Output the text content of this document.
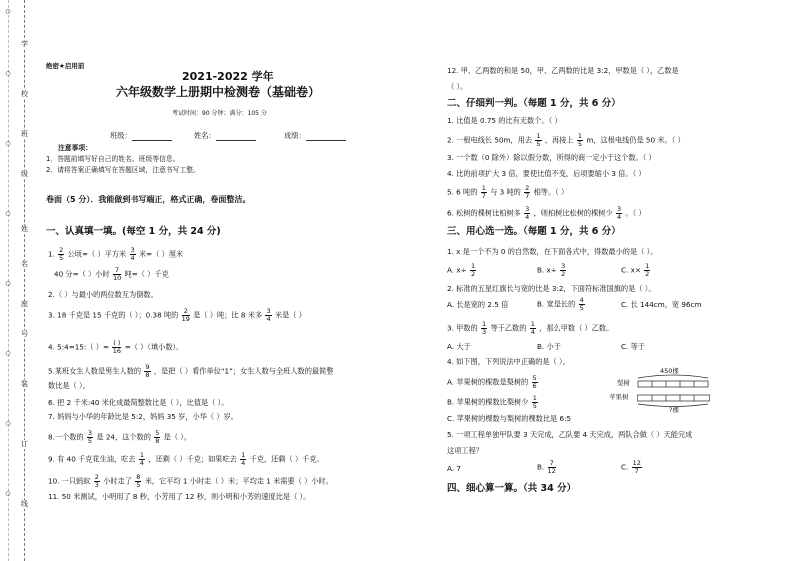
○
○
○
○
○
○
○
○
学
校
班
级
姓
名
座
号
装
订
线
绝密★启用前
2021-2022 学年
六年级数学上册期中检测卷（基础卷）
考试时间：90 分钟；满分：105 分
班级：	姓名：	成绩：
注意事项：
1．答题前填写好自己的姓名、班级等信息。
2．请将答案正确填写在答题区域，注意书写工整。
卷面（5 分）．我能做到书写端正，格式正确，卷面整洁。
一、认真填一填。(每空 1 分，共 24 分)
1. $\frac{2}{5}$ 公顷=（ ）平方米 $\frac{3}{4}$ 米=（ ）厘米
40 分=（ ）小时 $\frac{7}{10}$ 吨=（ ）千克
2.（ ）与最小的两位数互为倒数。
3. 18 千克是 15 千克的（ ）；0.38 吨的 $\frac{2}{19}$ 是（ ）吨；比 8 米多 $\frac{3}{4}$ 米是（ ）
4. 5:4=15:（ ）= $\frac{( )}{16}$ =（ ）（填小数）。
5.某班女生人数是男生人数的 $\frac{9}{8}$ ，是把（ ）看作单位“1”；女生人数与全班人数的最简整
数比是（ ）。
6. 把 2 千米:40 米化成最简整数比是（ ），比值是（ ）。
7. 妈妈与小华的年龄比是 5:2，妈妈 35 岁，小华（ ）岁。
8.一个数的 $\frac{3}{5}$ 是 24，这个数的 $\frac{5}{8}$ 是（ ）。
9. 有 40 千克花生油，吃去 $\frac{1}{4}$ ，还剩（ ）千克；如果吃去 $\frac{1}{4}$ 千克，还剩（ ）千克。
10. 一只蚂蚁 $\frac{2}{3}$ 小时走了 $\frac{8}{5}$ 米，它平均 1 小时走（ ）米；平均走 1 米需要（ ）小时。
11. 50 米测试，小明用了 8 秒，小芳用了 12 秒，则小明和小芳的速度比是（ ）。
12. 甲、乙两数的和是 50，甲、乙两数的比是 3:2，甲数是（ ），乙数是
（ ）。
二、仔细判一判。（每题 1 分，共 6 分）
1. 比值是 0.75 的比有无数个。（ ）
2. 一根电线长 50m，用去 $\frac{1}{5}$ ，再接上 $\frac{1}{5}$ m，这根电线仍是 50 米。（ ）
3. 一个数（0 除外）除以假分数，所得的商一定小于这个数。（ ）
4. 比的前项扩大 3 倍，要使比值不变，后项要缩小 3 倍。（ ）
5. 6 吨的 $\frac{1}{7}$ 与 3 吨的 $\frac{2}{7}$ 相等。（ ）
6. 松树的棵树比柏树多 $\frac{3}{4}$ ，则柏树比松树的棵树少 $\frac{3}{4}$ 。（ ）
三、用心选一选。（每题 1 分，共 6 分）
1. x 是一个不为 0 的自然数，在下面各式中，得数最小的是（ ）。
A. $x\div \frac{1}{2}$	B. $x\div \frac{3}{2}$	C. $x\times \frac{1}{2}$
2. 标准的五星红旗长与宽的比是 3:2，下面符标准国旗的是（ ）。
A. 长是宽的 2.5 倍	B. 宽是长的 $\frac{4}{5}$	C. 长 144cm，宽 96cm
3. 甲数的 $\frac{1}{3}$ 等于乙数的 $\frac{1}{4}$ ，那么甲数（ ）乙数。
A. 大于	B. 小于	C. 等于
4. 如下图，下列说法中正确的是（ ）。
A. 苹果树的棵数是梨树的 $\frac{5}{6}$
B. 苹果树的棵数比梨树少 $\frac{1}{5}$
C. 苹果树的棵数与梨树的棵数比是 6:5
450棵
梨树
苹果树
?棵
5. 一项工程单独甲队要 3 天完成，乙队要 4 天完成，两队合做（ ）天能完成
这项工程？
A. 7	B. $\frac{7}{12}$	C. $\frac{12}{7}$
四、细心算一算。（共 34 分）
